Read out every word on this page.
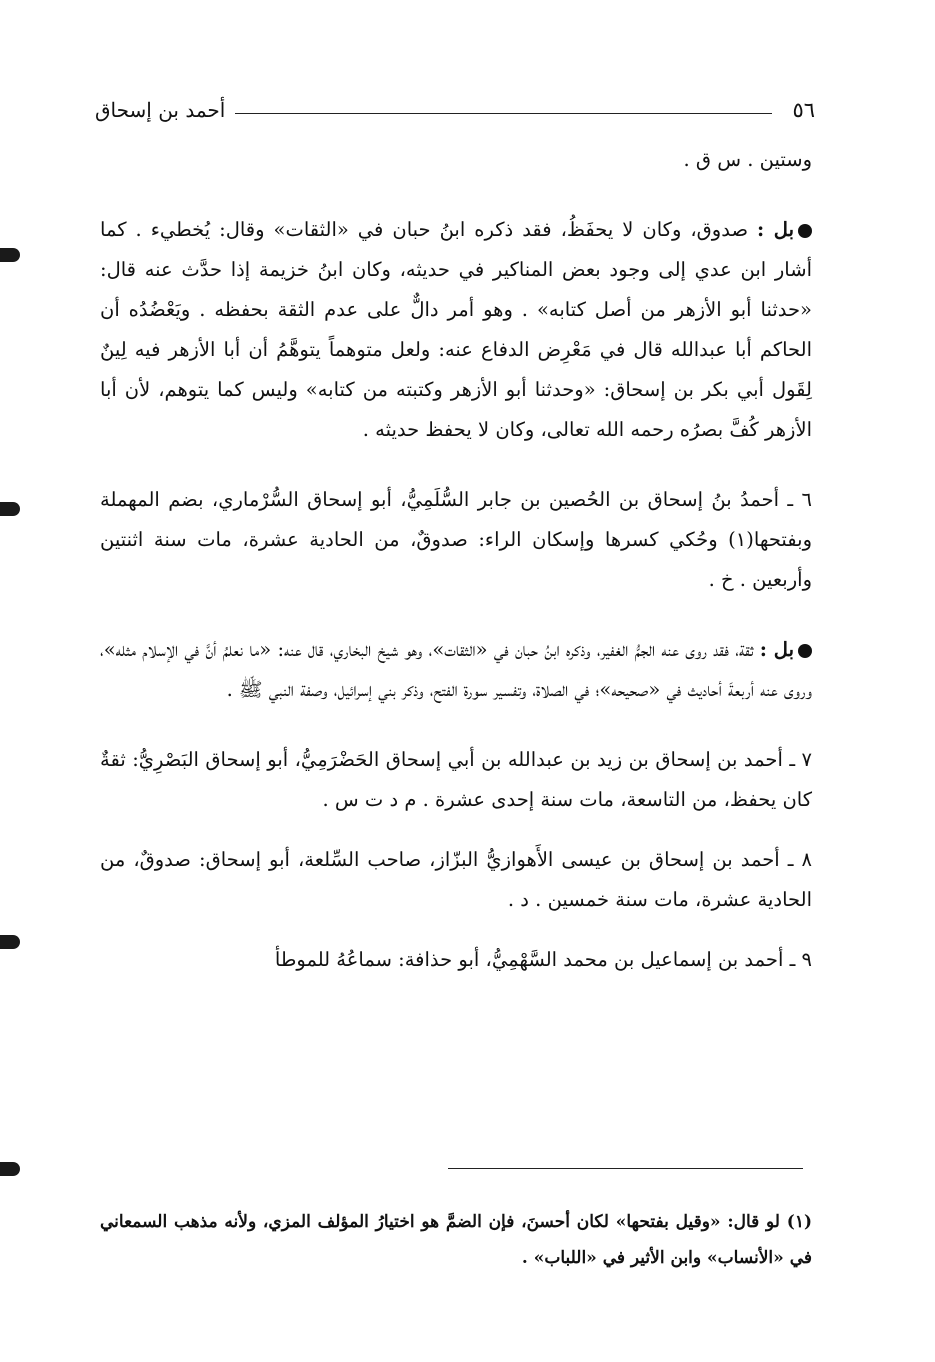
٥٦
أحمد بن إسحاق

وستين . س ق .

بل : صدوق، وكان لا يحفَظُ، فقد ذكره ابنُ حبان في «الثقات» وقال: يُخطيء . كما أشار ابن عدي إلى وجود بعض المناكير في حديثه، وكان ابنُ خزيمة إذا حدَّث عنه قال: «حدثنا أبو الأزهر من أصل كتابه» . وهو أمر دالٌّ على عدم الثقة بحفظه . ويَعْضُدُه أن الحاكم أبا عبدالله قال في مَعْرِض الدفاع عنه: ولعل متوهماً يتوهَّمُ أن أبا الأزهر فيه لِينٌ لِقَول أبي بكر بن إسحاق: «وحدثنا أبو الأزهر وكتبته من كتابه» وليس كما يتوهم، لأن أبا الأزهر كُفَّ بصرُه رحمه الله تعالى، وكان لا يحفظ حديثه .

٦ ـ أحمدُ بنُ إسحاق بن الحُصين بن جابر السُّلَمِيُّ، أبو إسحاق السُّرْماري، بضم المهملة وبفتحها(١) وحُكي كسرها وإسكان الراء: صدوقٌ، من الحادية عشرة، مات سنة اثنتين وأربعين . خ .

بل : ثقة، فقد روى عنه الجمُّ الغفير، وذكره ابنُ حبان في «الثقات»، وهو شيخ البخاري، قال عنه: «ما نعلمُ أنَّ في الإسلام مثله»، وروى عنه أربعةَ أحاديث في «صحيحه»؛ في الصلاة، وتفسير سورة الفتح، وذكر بني إسرائيل، وصفة النبي ﷺ .

٧ ـ أحمد بن إسحاق بن زيد بن عبدالله بن أبي إسحاق الحَضْرَمِيُّ، أبو إسحاق البَصْرِيُّ: ثقةٌ كان يحفظ، من التاسعة، مات سنة إحدى عشرة . م د ت س .

٨ ـ أحمد بن إسحاق بن عيسى الأَهوازيُّ البزّاز، صاحب السِّلعة، أبو إسحاق: صدوقٌ، من الحادية عشرة، مات سنة خمسين . د .

٩ ـ أحمد بن إسماعيل بن محمد السَّهْمِيُّ، أبو حذافة: سماعُهُ للموطأ

(١) لو قال: «وقيل بفتحها» لكان أحسنَ، فإن الضمَّ هو اختيارُ المؤلف المزي، ولأنه مذهب السمعاني في «الأنساب» وابن الأثير في «اللباب» .
